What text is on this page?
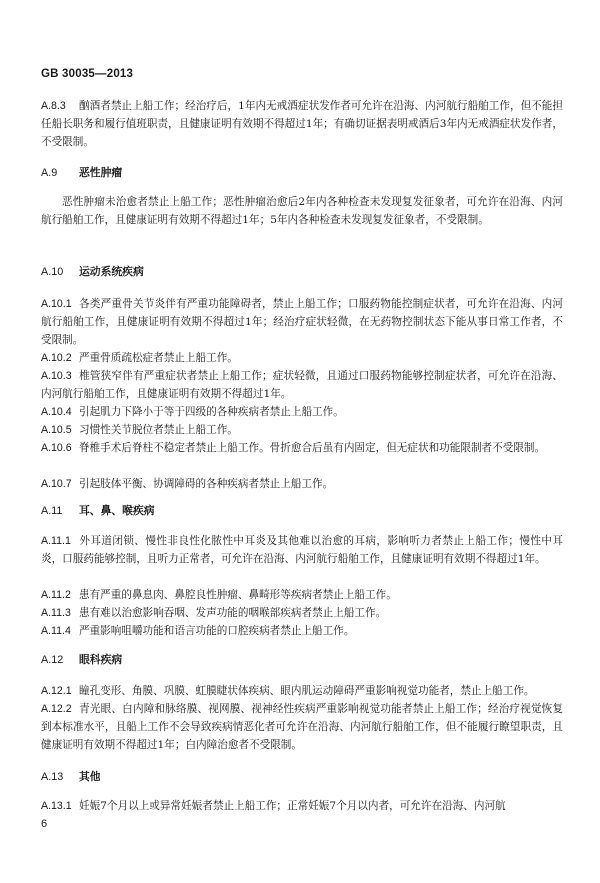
GB 30035—2013
A.8.3 酗酒者禁止上船工作；经治疗后，1年内无戒酒症状发作者可允许在沿海、内河航行船舶工作，但不能担任船长职务和履行值班职责，且健康证明有效期不得超过1年；有确切证据表明戒酒后3年内无戒酒症状发作者，不受限制。
A.9 恶性肿瘤
恶性肿瘤未治愈者禁止上船工作；恶性肿瘤治愈后2年内各种检查未发现复发征象者，可允许在沿海、内河航行船舶工作，且健康证明有效期不得超过1年；5年内各种检查未发现复发征象者，不受限制。
A.10 运动系统疾病
A.10.1 各类严重骨关节炎伴有严重功能障碍者，禁止上船工作；口服药物能控制症状者，可允许在沿海、内河航行船舶工作，且健康证明有效期不得超过1年；经治疗症状轻微，在无药物控制状态下能从事日常工作者，不受限制。
A.10.2 严重骨质疏松症者禁止上船工作。
A.10.3 椎管狭窄伴有严重症状者禁止上船工作；症状轻微，且通过口服药物能够控制症状者，可允许在沿海、内河航行船舶工作，且健康证明有效期不得超过1年。
A.10.4 引起肌力下降小于等于四级的各种疾病者禁止上船工作。
A.10.5 习惯性关节脱位者禁止上船工作。
A.10.6 脊椎手术后脊柱不稳定者禁止上船工作。骨折愈合后虽有内固定，但无症状和功能限制者不受限制。
A.10.7 引起肢体平衡、协调障碍的各种疾病者禁止上船工作。
A.11 耳、鼻、喉疾病
A.11.1 外耳道闭锁、慢性非良性化脓性中耳炎及其他难以治愈的耳病，影响听力者禁止上船工作；慢性中耳炎，口服药能够控制，且听力正常者，可允许在沿海、内河航行船舶工作，且健康证明有效期不得超过1年。
A.11.2 患有严重的鼻息肉、鼻腔良性肿瘤、鼻畸形等疾病者禁止上船工作。
A.11.3 患有难以治愈影响吞咽、发声功能的咽喉部疾病者禁止上船工作。
A.11.4 严重影响咀嚼功能和语言功能的口腔疾病者禁止上船工作。
A.12 眼科疾病
A.12.1 瞳孔变形、角膜、巩膜、虹膜睫状体疾病、眼内肌运动障碍严重影响视觉功能者，禁止上船工作。
A.12.2 青光眼、白内障和脉络膜、视网膜、视神经性疾病严重影响视觉功能者禁止上船工作；经治疗视觉恢复到本标准水平，且船上工作不会导致疾病情恶化者可允许在沿海、内河航行船舶工作，但不能履行瞭望职责，且健康证明有效期不得超过1年；白内障治愈者不受限制。
A.13 其他
A.13.1 妊娠7个月以上或异常妊娠者禁止上船工作；正常妊娠7个月以内者，可允许在沿海、内河航
6
